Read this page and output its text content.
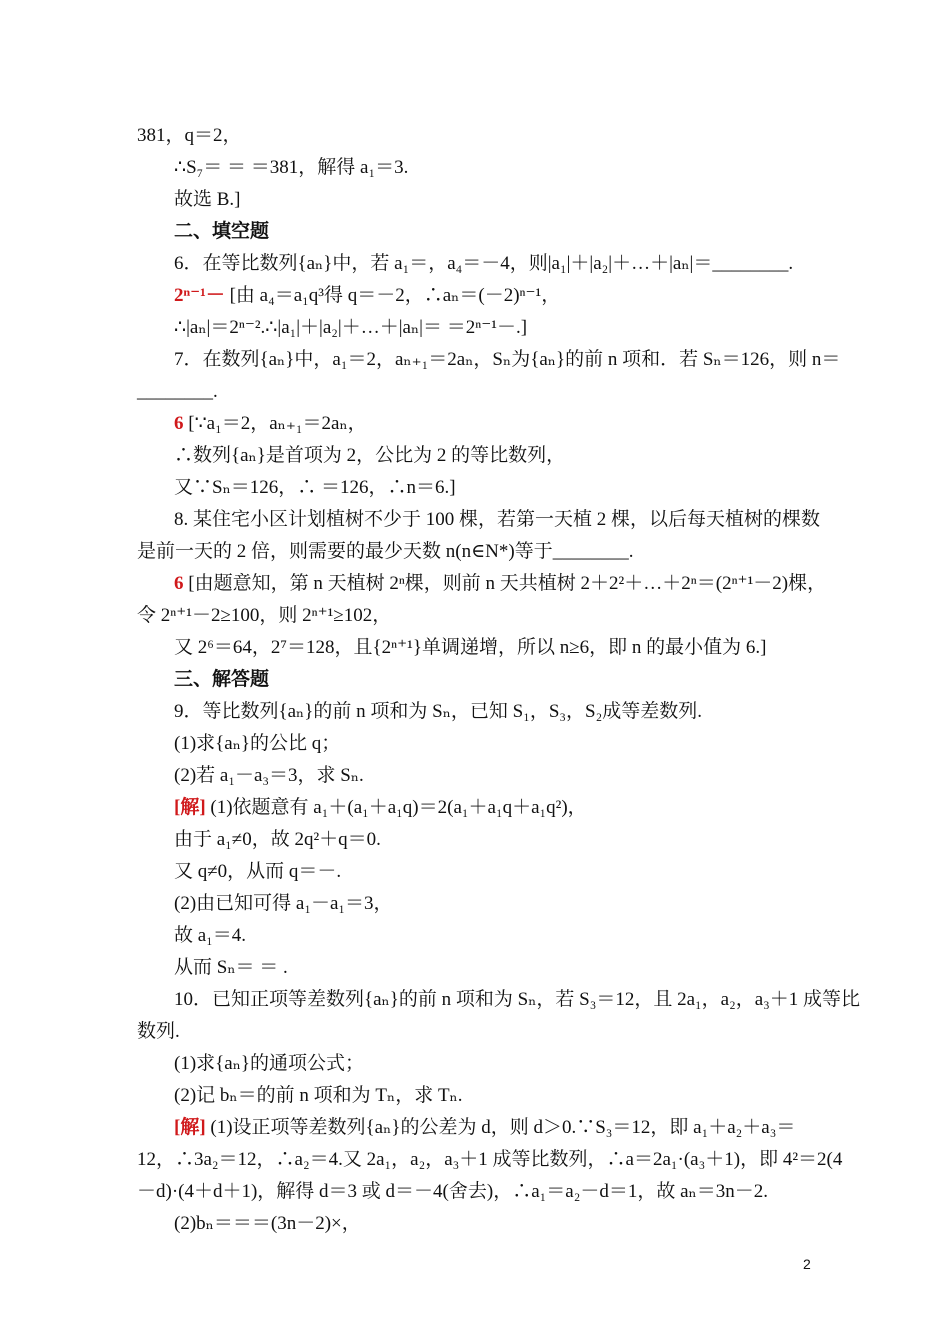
381，q＝2，
∴S₇＝ ＝ ＝381，解得 a₁＝3.
故选 B.]
二、填空题
6．在等比数列{aₙ}中，若 a₁＝，a₄＝－4，则|a₁|＋|a₂|＋…＋|aₙ|＝________.
2ⁿ⁻¹－ [由 a₄＝a₁q³得 q＝－2，∴aₙ＝(－2)ⁿ⁻¹，
∴|aₙ|＝2ⁿ⁻².∴|a₁|＋|a₂|＋…＋|aₙ|＝ ＝2ⁿ⁻¹－.]
7．在数列{aₙ}中，a₁＝2，aₙ₊₁＝2aₙ，Sₙ为{aₙ}的前 n 项和．若 Sₙ＝126，则 n＝
________.
6 [∵a₁＝2，aₙ₊₁＝2aₙ，
∴数列{aₙ}是首项为 2，公比为 2 的等比数列，
又∵Sₙ＝126，∴ ＝126，∴n＝6.]
8. 某住宅小区计划植树不少于 100 棵，若第一天植 2 棵，以后每天植树的棵数
是前一天的 2 倍，则需要的最少天数 n(n∈N*)等于________.
6 [由题意知，第 n 天植树 2ⁿ棵，则前 n 天共植树 2＋2²＋…＋2ⁿ＝(2ⁿ⁺¹－2)棵，
令 2ⁿ⁺¹－2≥100，则 2ⁿ⁺¹≥102，
又 2⁶＝64，2⁷＝128，且{2ⁿ⁺¹}单调递增，所以 n≥6，即 n 的最小值为 6.]
三、解答题
9．等比数列{aₙ}的前 n 项和为 Sₙ，已知 S₁，S₃，S₂成等差数列.
(1)求{aₙ}的公比 q；
(2)若 a₁－a₃＝3，求 Sₙ.
[解] (1)依题意有 a₁＋(a₁＋a₁q)＝2(a₁＋a₁q＋a₁q²)，
由于 a₁≠0，故 2q²＋q＝0.
又 q≠0，从而 q＝－.
(2)由已知可得 a₁－a₁＝3，
故 a₁＝4.
从而 Sₙ＝ ＝ .
10．已知正项等差数列{aₙ}的前 n 项和为 Sₙ，若 S₃＝12，且 2a₁，a₂，a₃＋1 成等比
数列.
(1)求{aₙ}的通项公式；
(2)记 bₙ＝的前 n 项和为 Tₙ，求 Tₙ.
[解] (1)设正项等差数列{aₙ}的公差为 d，则 d＞0.∵S₃＝12，即 a₁＋a₂＋a₃＝
12，∴3a₂＝12，∴a₂＝4.又 2a₁，a₂，a₃＋1 成等比数列，∴a＝2a₁·(a₃＋1)，即 4²＝2(4
－d)·(4＋d＋1)，解得 d＝3 或 d＝－4(舍去)，∴a₁＝a₂－d＝1，故 aₙ＝3n－2.
(2)bₙ＝＝＝(3n－2)×，
2
